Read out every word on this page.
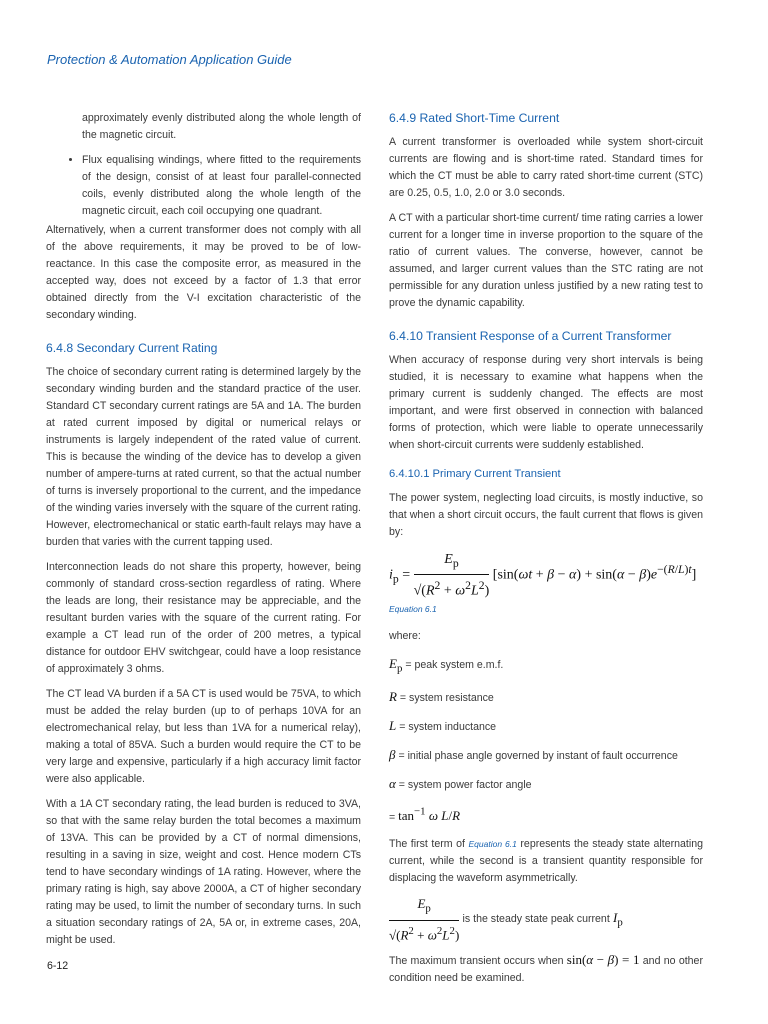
Protection & Automation Application Guide

approximately evenly distributed along the whole length of the magnetic circuit.

• Flux equalising windings, where fitted to the requirements of the design, consist of at least four parallel-connected coils, evenly distributed along the whole length of the magnetic circuit, each coil occupying one quadrant.

Alternatively, when a current transformer does not comply with all of the above requirements, it may be proved to be of low-reactance. In this case the composite error, as measured in the accepted way, does not exceed by a factor of 1.3 that error obtained directly from the V-I excitation characteristic of the secondary winding.

6.4.8 Secondary Current Rating

The choice of secondary current rating is determined largely by the secondary winding burden and the standard practice of the user. Standard CT secondary current ratings are 5A and 1A. The burden at rated current imposed by digital or numerical relays or instruments is largely independent of the rated value of current. This is because the winding of the device has to develop a given number of ampere-turns at rated current, so that the actual number of turns is inversely proportional to the current, and the impedance of the winding varies inversely with the square of the current rating. However, electromechanical or static earth-fault relays may have a burden that varies with the current tapping used.

Interconnection leads do not share this property, however, being commonly of standard cross-section regardless of rating. Where the leads are long, their resistance may be appreciable, and the resultant burden varies with the square of the current rating. For example a CT lead run of the order of 200 metres, a typical distance for outdoor EHV switchgear, could have a loop resistance of approximately 3 ohms.

The CT lead VA burden if a 5A CT is used would be 75VA, to which must be added the relay burden (up to of perhaps 10VA for an electromechanical relay, but less than 1VA for a numerical relay), making a total of 85VA. Such a burden would require the CT to be very large and expensive, particularly if a high accuracy limit factor were also applicable.

With a 1A CT secondary rating, the lead burden is reduced to 3VA, so that with the same relay burden the total becomes a maximum of 13VA. This can be provided by a CT of normal dimensions, resulting in a saving in size, weight and cost. Hence modern CTs tend to have secondary windings of 1A rating. However, where the primary rating is high, say above 2000A, a CT of higher secondary rating may be used, to limit the number of secondary turns. In such a situation secondary ratings of 2A, 5A or, in extreme cases, 20A, might be used.

6.4.9 Rated Short-Time Current

A current transformer is overloaded while system short-circuit currents are flowing and is short-time rated. Standard times for which the CT must be able to carry rated short-time current (STC) are 0.25, 0.5, 1.0, 2.0 or 3.0 seconds.

A CT with a particular short-time current/ time rating carries a lower current for a longer time in inverse proportion to the square of the ratio of current values. The converse, however, cannot be assumed, and larger current values than the STC rating are not permissible for any duration unless justified by a new rating test to prove the dynamic capability.

6.4.10 Transient Response of a Current Transformer

When accuracy of response during very short intervals is being studied, it is necessary to examine what happens when the primary current is suddenly changed. The effects are most important, and were first observed in connection with balanced forms of protection, which were liable to operate unnecessarily when short-circuit currents were suddenly established.

6.4.10.1 Primary Current Transient

The power system, neglecting load circuits, is mostly inductive, so that when a short circuit occurs, the fault current that flows is given by:

$i_p = \frac{E_p}{√(R^2 + \omega^2L^2)} [\sin(\omega t + \beta - \alpha) + \sin(\alpha - \beta)e^{-(R/L)t}]$
Equation 6.1

where:

$E_p$ = peak system e.m.f.

R = system resistance

L = system inductance

β = initial phase angle governed by instant of fault occurrence

α = system power factor angle

= $\tan^{-1} \omega$ L/R

The first term of Equation 6.1 represents the steady state alternating current, while the second is a transient quantity responsible for displacing the waveform asymmetrically.

$\frac{E_p}{√(R^2 + \omega^2L^2)}$ is the steady state peak current $I_p$

The maximum transient occurs when sin(α − β) = 1 and no other condition need be examined.

6-12
